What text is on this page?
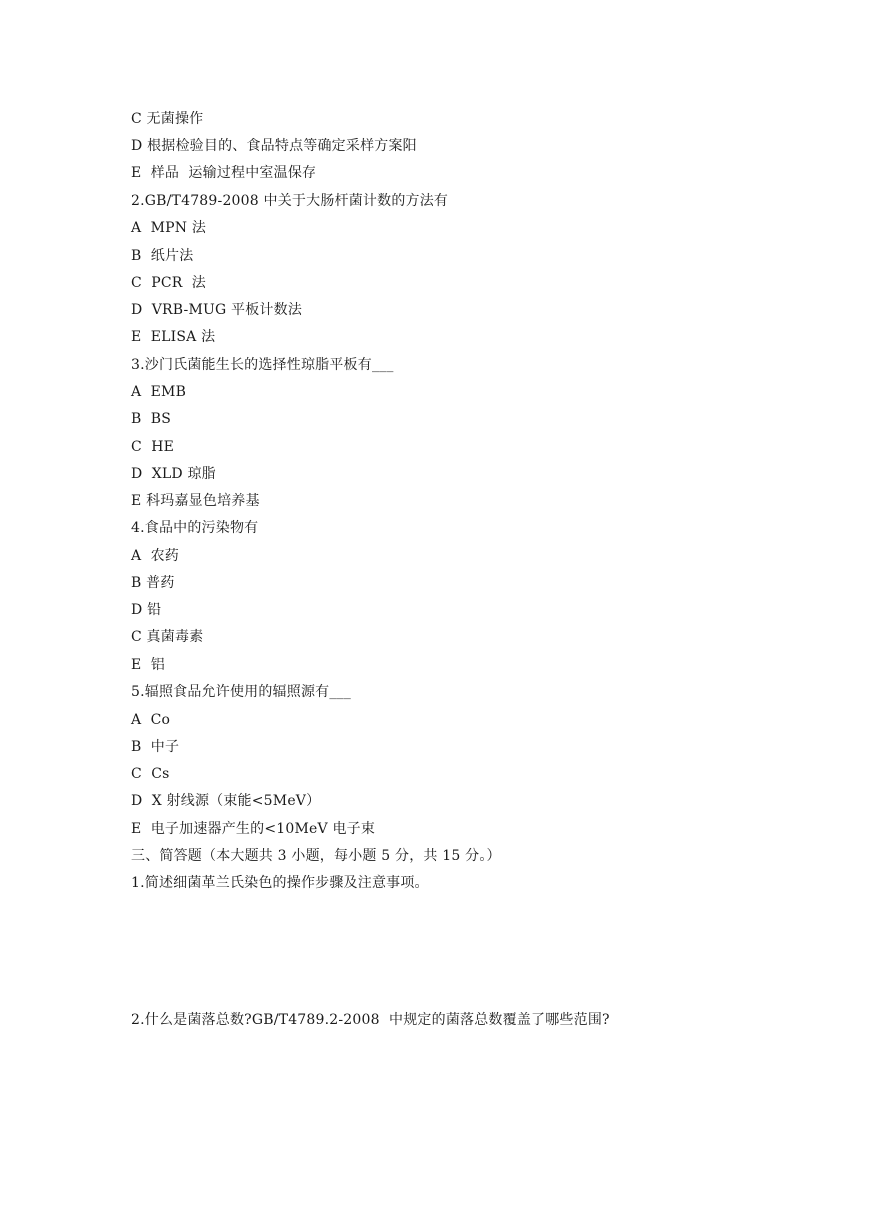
C 无菌操作
D 根据检验目的、食品特点等确定采样方案阳
E  样品  运输过程中室温保存
2.GB/T4789-2008 中关于大肠杆菌计数的方法有
A  MPN 法
B  纸片法
C  PCR  法
D  VRB-MUG 平板计数法
E  ELISA 法
3.沙门氏菌能生长的选择性琼脂平板有___
A  EMB
B  BS
C  HE
D  XLD 琼脂
E 科玛嘉显色培养基
4.食品中的污染物有
A  农药
B 普药
D 铅
C 真菌毒素
E  铝
5.辐照食品允许使用的辐照源有___
A  Co
B  中子
C  Cs
D  X 射线源（束能<5MeV）
E  电子加速器产生的<10MeV 电子束
三、简答题（本大题共 3 小题，每小题 5 分，共 15 分。）
1.简述细菌革兰氏染色的操作步骤及注意事项。
2.什么是菌落总数?GB/T4789.2-2008  中规定的菌落总数覆盖了哪些范围?
